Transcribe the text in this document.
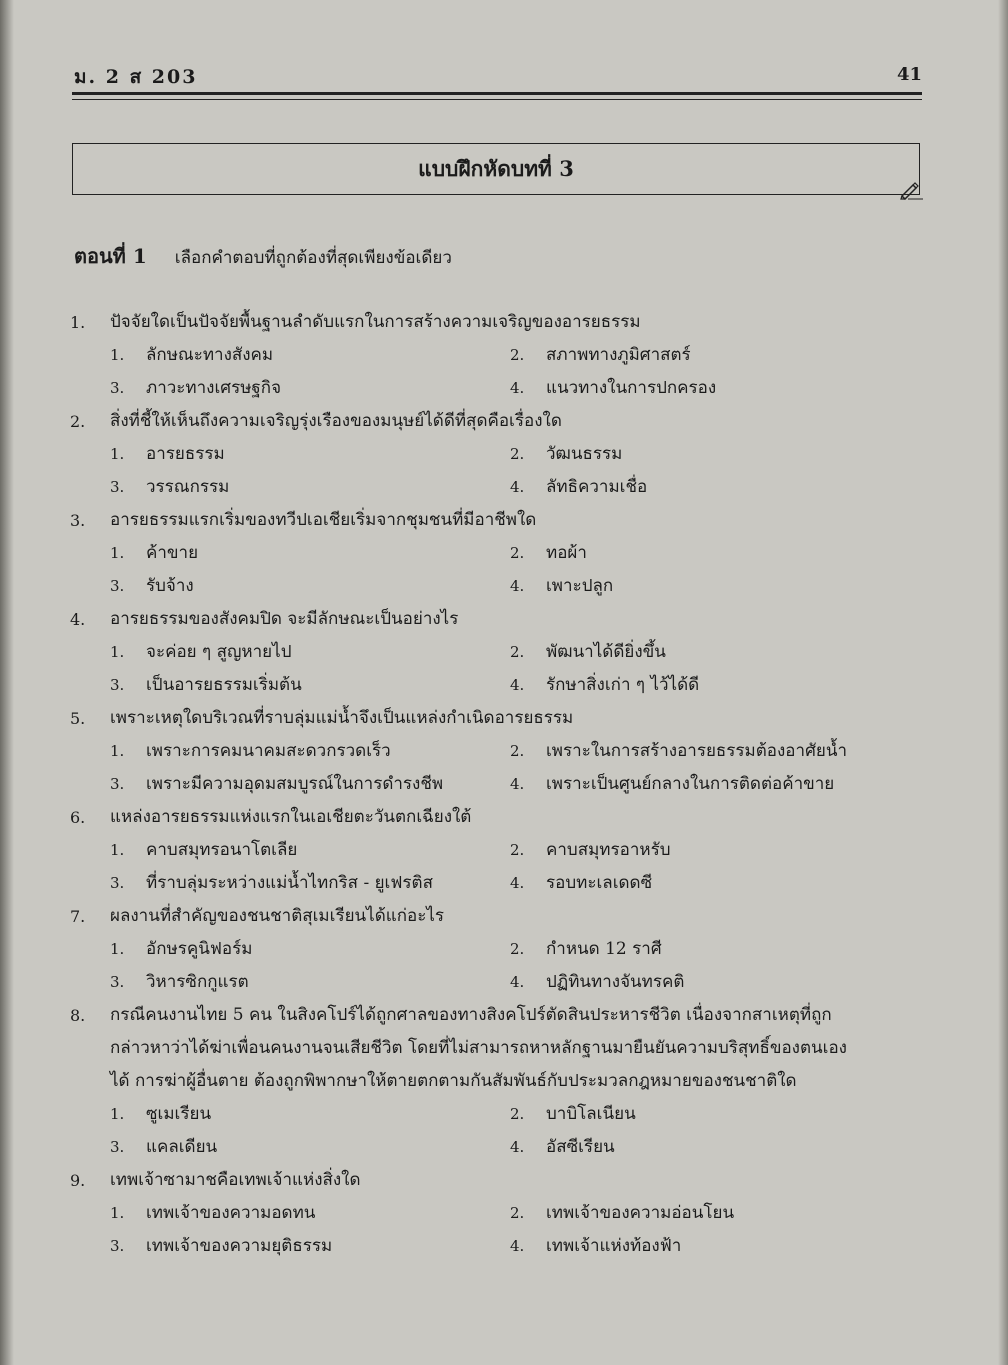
ม. 2 ส 203	41
แบบฝึกหัดบทที่ 3
ตอนที่ 1 เลือกคำตอบที่ถูกต้องที่สุดเพียงข้อเดียว
1. ปัจจัยใดเป็นปัจจัยพื้นฐานลำดับแรกในการสร้างความเจริญของอารยธรรม
1.	ลักษณะทางสังคม	2.	สภาพทางภูมิศาสตร์
3.	ภาวะทางเศรษฐกิจ	4.	แนวทางในการปกครอง
2. สิ่งที่ชี้ให้เห็นถึงความเจริญรุ่งเรืองของมนุษย์ได้ดีที่สุดคือเรื่องใด
1.	อารยธรรม	2.	วัฒนธรรม
3.	วรรณกรรม	4.	ลัทธิความเชื่อ
3. อารยธรรมแรกเริ่มของทวีปเอเชียเริ่มจากชุมชนที่มีอาชีพใด
1.	ค้าขาย	2.	ทอผ้า
3.	รับจ้าง	4.	เพาะปลูก
4. อารยธรรมของสังคมปิด จะมีลักษณะเป็นอย่างไร
1.	จะค่อย ๆ สูญหายไป	2.	พัฒนาได้ดียิ่งขึ้น
3.	เป็นอารยธรรมเริ่มต้น	4.	รักษาสิ่งเก่า ๆ ไว้ได้ดี
5. เพราะเหตุใดบริเวณที่ราบลุ่มแม่น้ำจึงเป็นแหล่งกำเนิดอารยธรรม
1.	เพราะการคมนาคมสะดวกรวดเร็ว	2.	เพราะในการสร้างอารยธรรมต้องอาศัยน้ำ
3.	เพราะมีความอุดมสมบูรณ์ในการดำรงชีพ	4.	เพราะเป็นศูนย์กลางในการติดต่อค้าขาย
6. แหล่งอารยธรรมแห่งแรกในเอเชียตะวันตกเฉียงใต้
1.	คาบสมุทรอนาโตเลีย	2.	คาบสมุทรอาหรับ
3.	ที่ราบลุ่มระหว่างแม่น้ำไทกริส - ยูเฟรติส	4.	รอบทะเลเดดซี
7. ผลงานที่สำคัญของชนชาติสุเมเรียนได้แก่อะไร
1.	อักษรคูนิฟอร์ม	2.	กำหนด 12 ราศี
3.	วิหารซิกกูแรต	4.	ปฏิทินทางจันทรคติ
8. กรณีคนงานไทย 5 คน ในสิงคโปร์ได้ถูกศาลของทางสิงคโปร์ตัดสินประหารชีวิต เนื่องจากสาเหตุที่ถูก
กล่าวหาว่าได้ฆ่าเพื่อนคนงานจนเสียชีวิต โดยที่ไม่สามารถหาหลักฐานมายืนยันความบริสุทธิ์ของตนเอง
ได้ การฆ่าผู้อื่นตาย ต้องถูกพิพากษาให้ตายตกตามกันสัมพันธ์กับประมวลกฎหมายของชนชาติใด
1.	ซูเมเรียน	2.	บาบิโลเนียน
3.	แคลเดียน	4.	อัสซีเรียน
9. เทพเจ้าซามาชคือเทพเจ้าแห่งสิ่งใด
1.	เทพเจ้าของความอดทน	2.	เทพเจ้าของความอ่อนโยน
3.	เทพเจ้าของความยุติธรรม	4.	เทพเจ้าแห่งท้องฟ้า
